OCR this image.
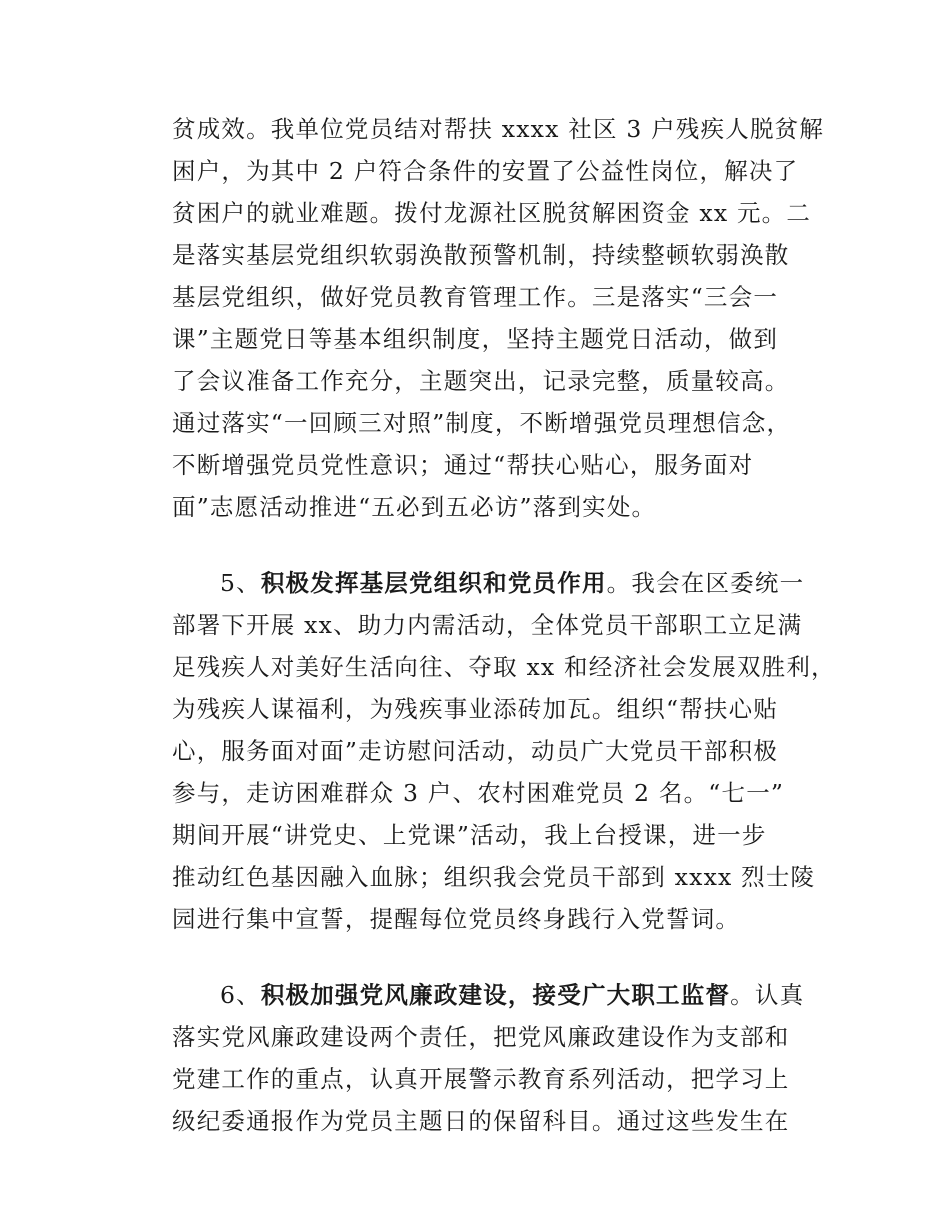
贫成效。我单位党员结对帮扶 xxxx 社区 3 户残疾人脱贫解
困户，为其中 2 户符合条件的安置了公益性岗位，解决了
贫困户的就业难题。拨付龙源社区脱贫解困资金 xx 元。二
是落实基层党组织软弱涣散预警机制，持续整顿软弱涣散
基层党组织，做好党员教育管理工作。三是落实“三会一
课”主题党日等基本组织制度，坚持主题党日活动，做到
了会议准备工作充分，主题突出，记录完整，质量较高。
通过落实“一回顾三对照”制度，不断增强党员理想信念，
不断增强党员党性意识；通过“帮扶心贴心，服务面对
面”志愿活动推进“五必到五必访”落到实处。
5、积极发挥基层党组织和党员作用。我会在区委统一
部署下开展 xx、助力内需活动，全体党员干部职工立足满
足残疾人对美好生活向往、夺取 xx 和经济社会发展双胜利，
为残疾人谋福利，为残疾事业添砖加瓦。组织“帮扶心贴
心，服务面对面”走访慰问活动，动员广大党员干部积极
参与，走访困难群众 3 户、农村困难党员 2 名。“七一”
期间开展“讲党史、上党课”活动，我上台授课，进一步
推动红色基因融入血脉；组织我会党员干部到 xxxx 烈士陵
园进行集中宣誓，提醒每位党员终身践行入党誓词。
6、积极加强党风廉政建设，接受广大职工监督。认真
落实党风廉政建设两个责任，把党风廉政建设作为支部和
党建工作的重点，认真开展警示教育系列活动，把学习上
级纪委通报作为党员主题日的保留科目。通过这些发生在
